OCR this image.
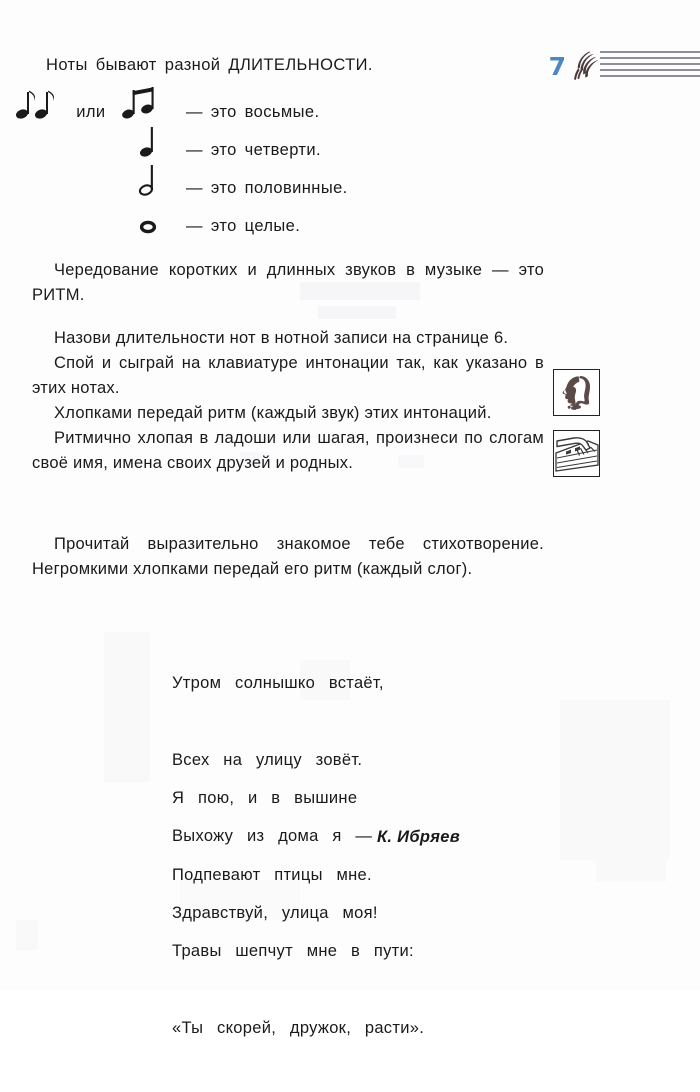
7
Ноты бывают разной ДЛИТЕЛЬНОСТИ.
или	— это восьмые.
— это четверти.
— это половинные.
— это целые.

Чередование коротких и длинных звуков в музыке — это РИТМ.

Назови длительности нот в нотной записи на странице 6.

Спой и сыграй на клавиатуре интонации так, как указано в этих нотах.

Хлопками передай ритм (каждый звук) этих интонаций.

Ритмично хлопая в ладоши или шагая, произнеси по слогам своё имя, имена своих друзей и родных.

Прочитай выразительно знакомое тебе стихотворение. Негромкими хлопками передай его ритм (каждый слог).

Утром  солнышко  встаёт,

Всех  на  улицу  зовёт.

Выхожу  из  дома  я  —

Здравствуй,  улица  моя!

Я  пою,  и  в  вышине

Подпевают  птицы  мне.

Травы  шепчут  мне  в  пути:

«Ты  скорей,  дружок,  расти».

К. Ибряев
